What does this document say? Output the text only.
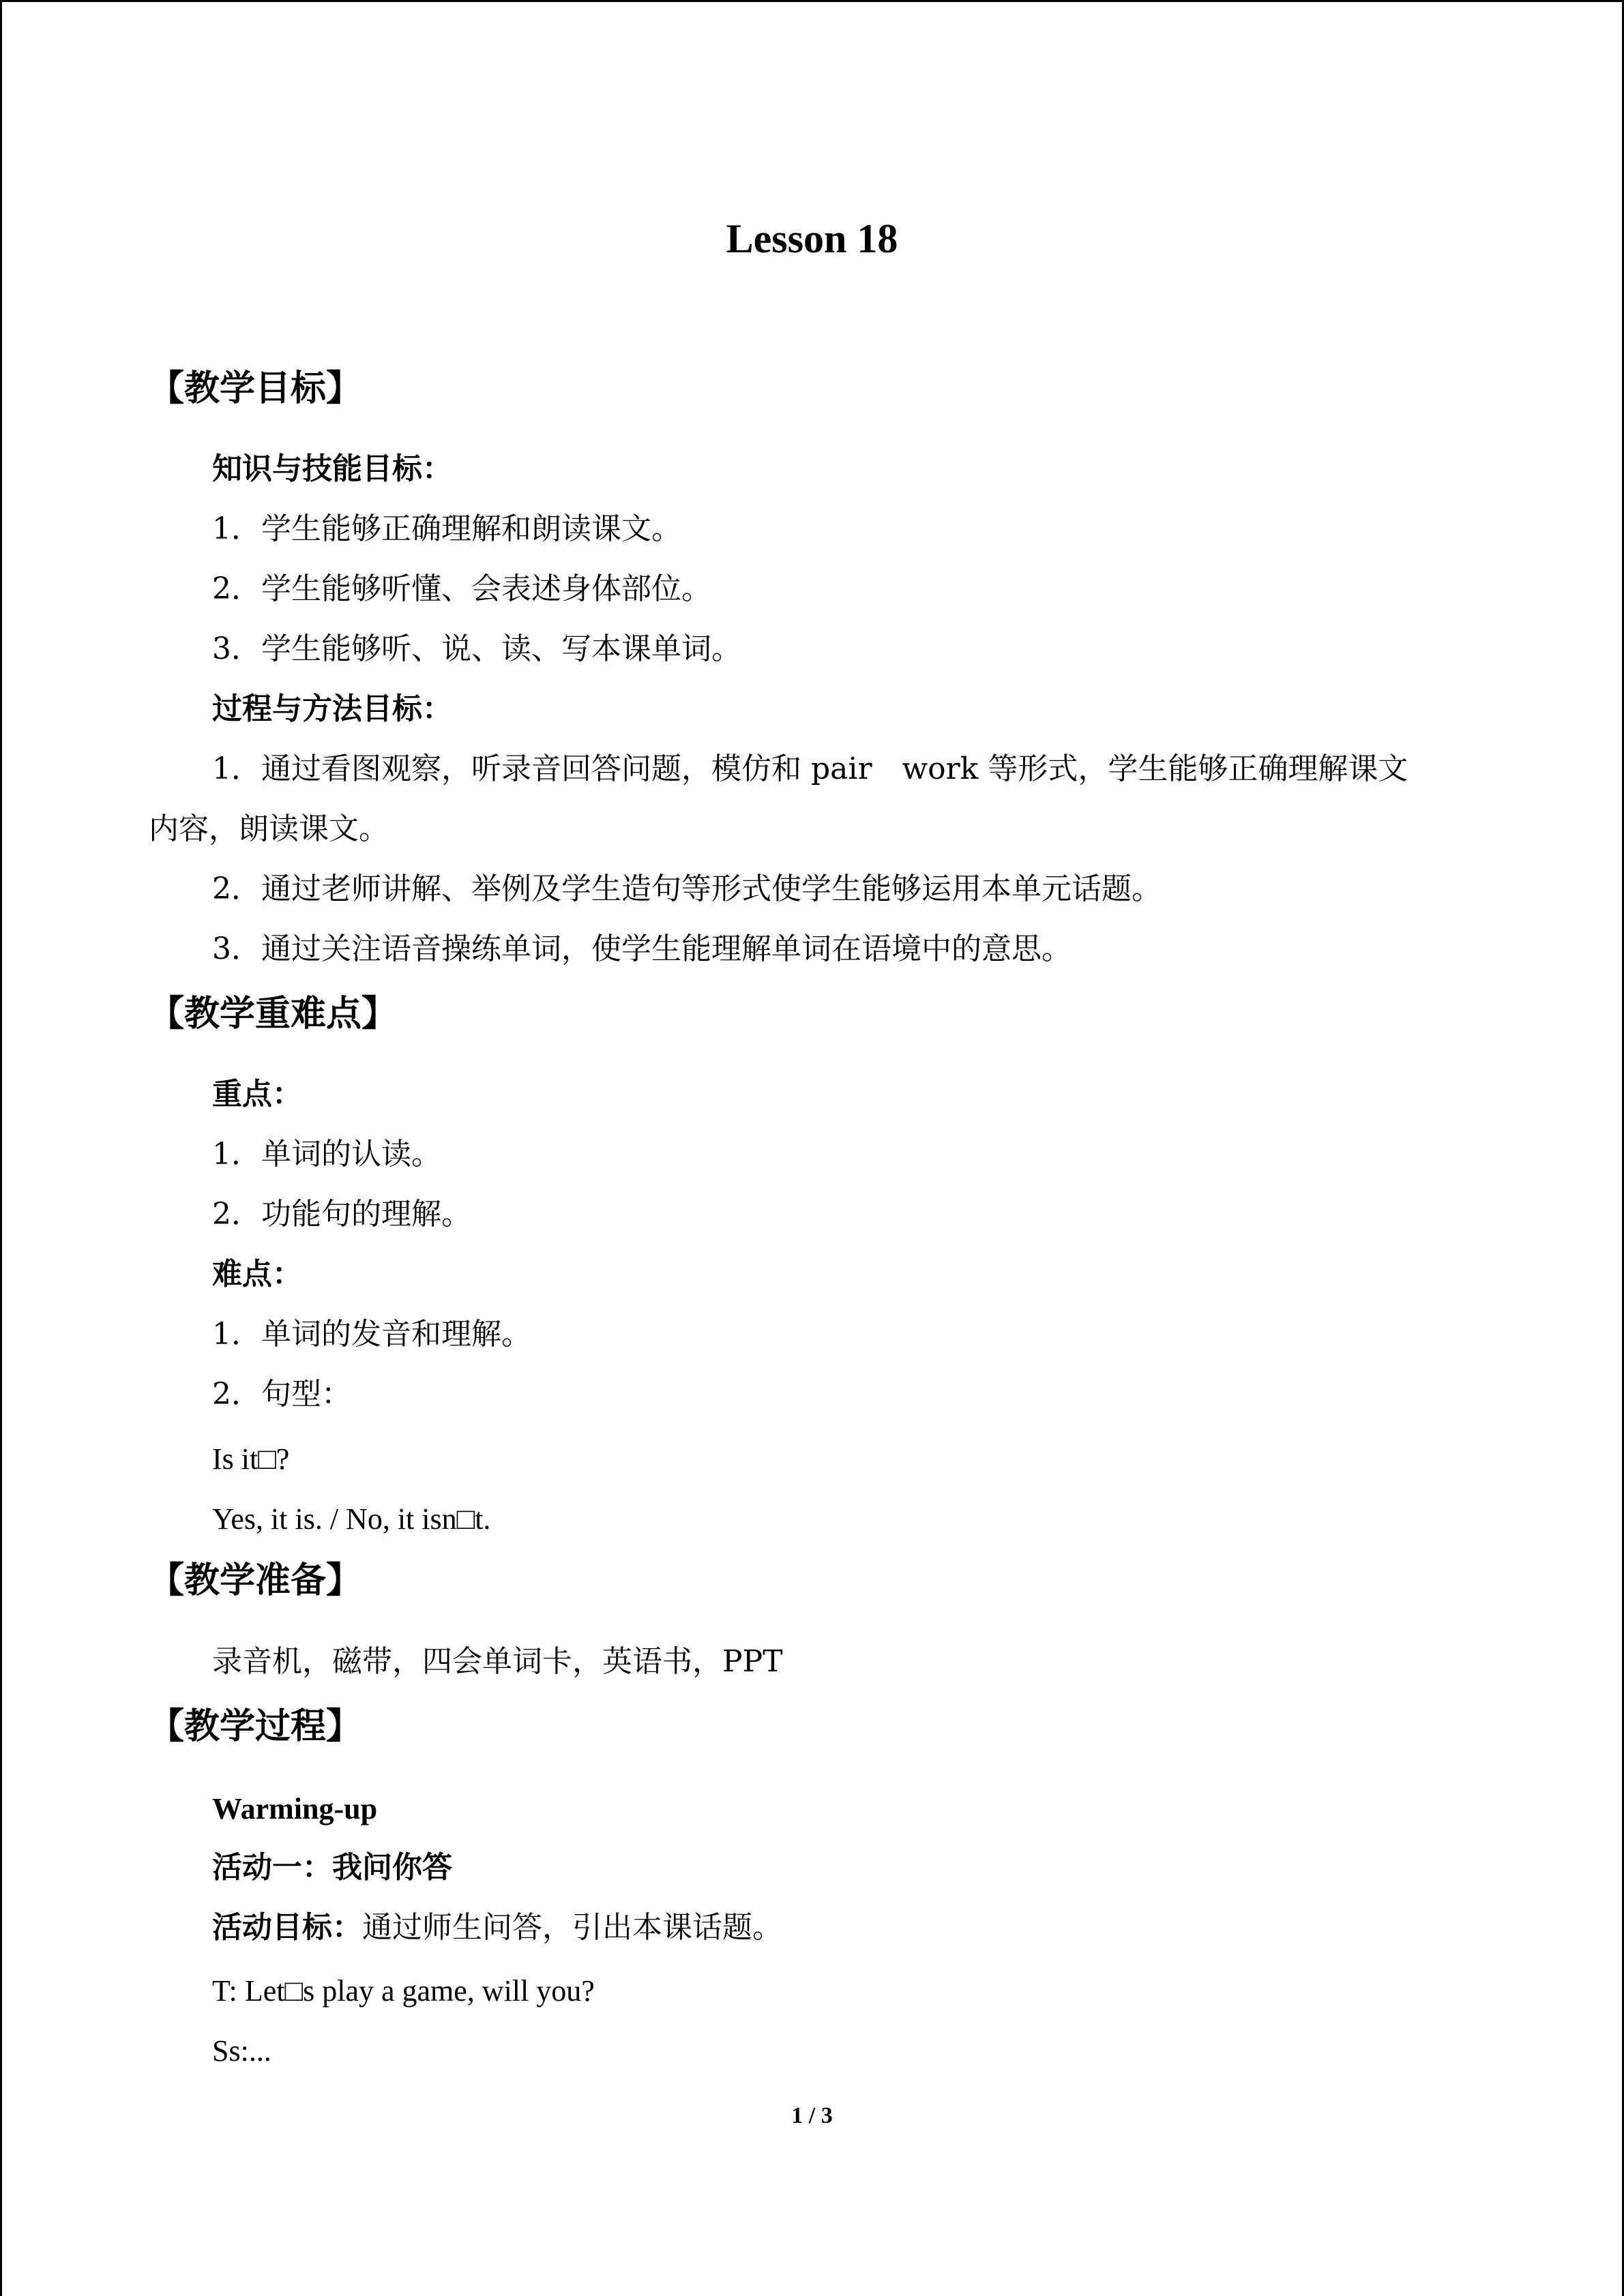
Lesson 18
【教学目标】
知识与技能目标：
1．学生能够正确理解和朗读课文。
2．学生能够听懂、会表述身体部位。
3．学生能够听、说、读、写本课单词。
过程与方法目标：
1．通过看图观察，听录音回答问题，模仿和 pair　work 等形式，学生能够正确理解课文
内容，朗读课文。
2．通过老师讲解、举例及学生造句等形式使学生能够运用本单元话题。
3．通过关注语音操练单词，使学生能理解单词在语境中的意思。
【教学重难点】
重点：
1．单词的认读。
2．功能句的理解。
难点：
1．单词的发音和理解。
2．句型：
Is it□?
Yes, it is. / No, it isn□t.
【教学准备】
录音机，磁带，四会单词卡，英语书，PPT
【教学过程】
Warming-up
活动一：我问你答
活动目标：通过师生问答，引出本课话题。
T: Let□s play a game, will you?
Ss:...
1 / 3
